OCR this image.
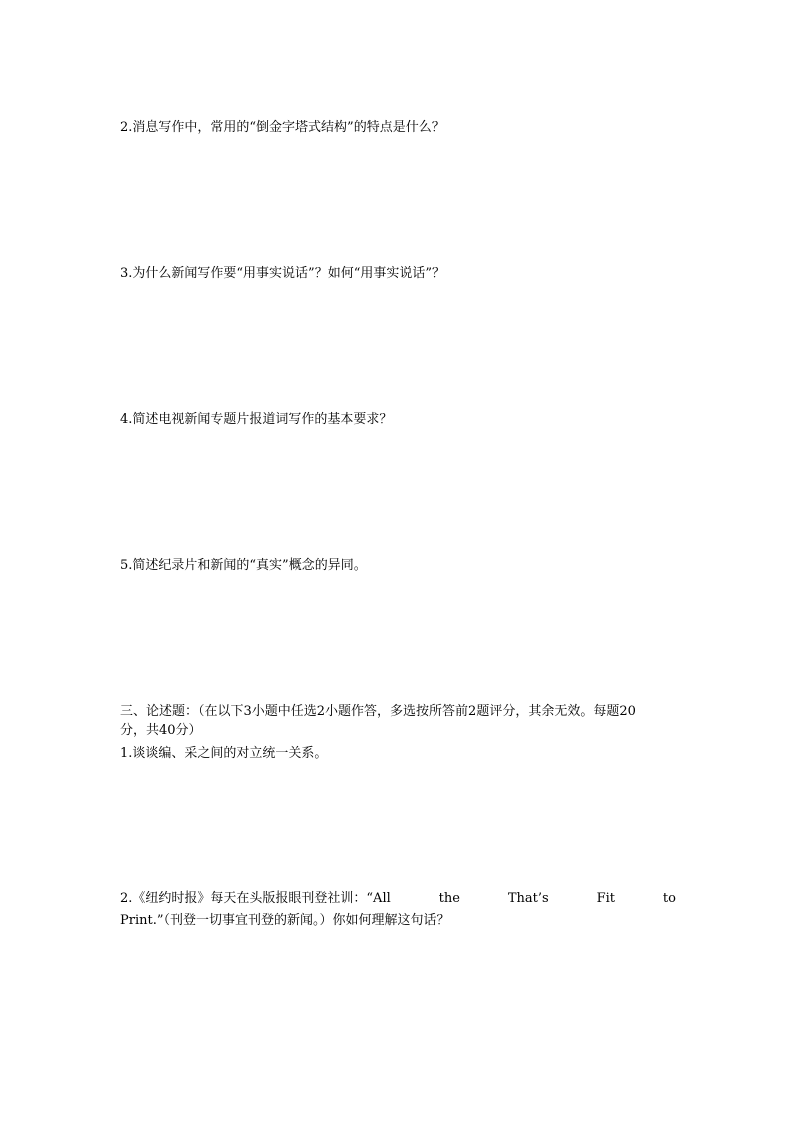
2.消息写作中，常用的“倒金字塔式结构”的特点是什么？
3.为什么新闻写作要“用事实说话”？如何“用事实说话”？
4.简述电视新闻专题片报道词写作的基本要求？
5.简述纪录片和新闻的“真实”概念的异同。
三、论述题：（在以下3小题中任选2小题作答，多选按所答前2题评分，其余无效。每题20
分，共40分）
1.谈谈编、采之间的对立统一关系。
2.《纽约时报》每天在头版报眼刊登社训：“All	the	That’s	Fit	to
Print.”（刊登一切事宜刊登的新闻。）你如何理解这句话？
